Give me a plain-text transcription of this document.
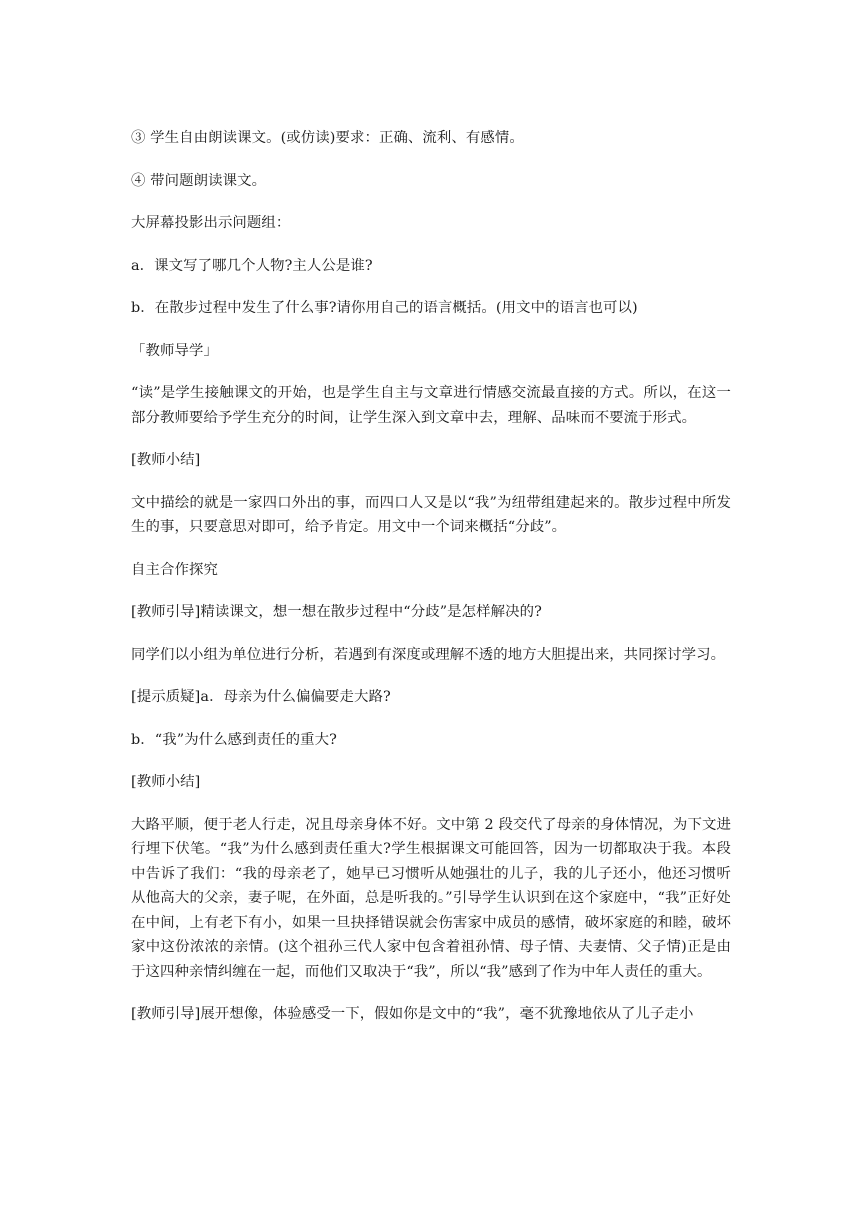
③ 学生自由朗读课文。(或仿读)要求：正确、流利、有感情。

④ 带问题朗读课文。

大屏幕投影出示问题组：

a．课文写了哪几个人物?主人公是谁?

b．在散步过程中发生了什么事?请你用自己的语言概括。(用文中的语言也可以)

「教师导学」

“读”是学生接触课文的开始，也是学生自主与文章进行情感交流最直接的方式。所以，在这一部分教师要给予学生充分的时间，让学生深入到文章中去，理解、品味而不要流于形式。

[教师小结]

文中描绘的就是一家四口外出的事，而四口人又是以“我”为纽带组建起来的。散步过程中所发生的事，只要意思对即可，给予肯定。用文中一个词来概括“分歧”。

自主合作探究

[教师引导]精读课文，想一想在散步过程中“分歧”是怎样解决的?

同学们以小组为单位进行分析，若遇到有深度或理解不透的地方大胆提出来，共同探讨学习。

[提示质疑]a．母亲为什么偏偏要走大路?

b．“我”为什么感到责任的重大?

[教师小结]

大路平顺，便于老人行走，况且母亲身体不好。文中第 2 段交代了母亲的身体情况，为下文进行埋下伏笔。“我”为什么感到责任重大?学生根据课文可能回答，因为一切都取决于我。本段中告诉了我们：“我的母亲老了，她早已习惯听从她强壮的儿子，我的儿子还小，他还习惯听从他高大的父亲，妻子呢，在外面，总是听我的。”引导学生认识到在这个家庭中，“我”正好处在中间，上有老下有小，如果一旦抉择错误就会伤害家中成员的感情，破坏家庭的和睦，破坏家中这份浓浓的亲情。(这个祖孙三代人家中包含着祖孙情、母子情、夫妻情、父子情)正是由于这四种亲情纠缠在一起，而他们又取决于“我”，所以“我”感到了作为中年人责任的重大。

[教师引导]展开想像，体验感受一下，假如你是文中的“我”，毫不犹豫地依从了儿子走小
